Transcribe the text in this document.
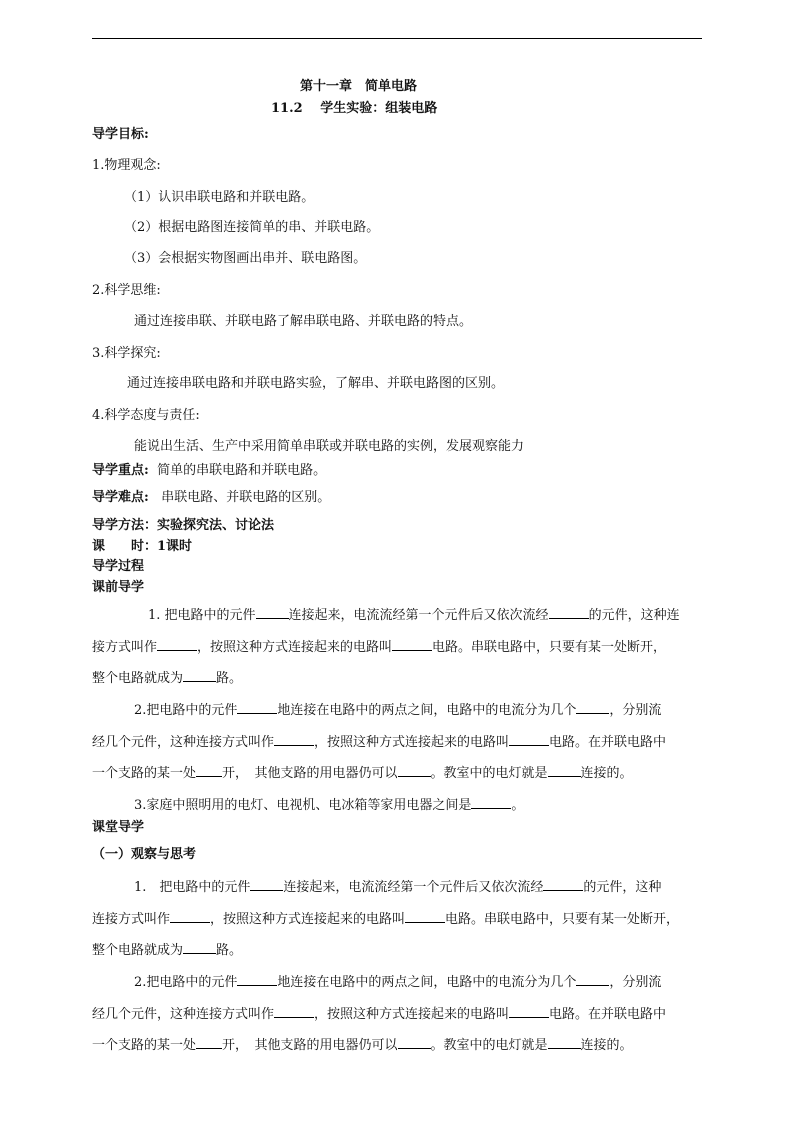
第十一章　简单电路
11.2　 学生实验：组装电路
导学目标:
1.物理观念:
（1）认识串联电路和并联电路。
（2）根据电路图连接简单的串、并联电路。
（3）会根据实物图画出串并、联电路图。
2.科学思维:
通过连接串联、并联电路了解串联电路、并联电路的特点。
3.科学探究:
通过连接串联电路和并联电路实验，了解串、并联电路图的区别。
4.科学态度与责任:
能说出生活、生产中采用简单串联或并联电路的实例，发展观察能力
导学重点: 简单的串联电路和并联电路。
导学难点: 串联电路、并联电路的区别。
导学方法：实验探究法、讨论法
课　　时：1课时
导学过程
课前导学
1. 把电路中的元件	连接起来，电流流经第一个元件后又依次流经	的元件，这种连
接方式叫作	，按照这种方式连接起来的电路叫	电路。串联电路中，只要有某一处断开，
整个电路就成为	路。
2.把电路中的元件	地连接在电路中的两点之间，电路中的电流分为几个	，分别流
经几个元件，这种连接方式叫作	，按照这种方式连接起来的电路叫	电路。在并联电路中
一个支路的某一处 开，　其他支路的用电器仍可以	。教室中的电灯就是	连接的。
3.家庭中照明用的电灯、电视机、电冰箱等家用电器之间是	。
课堂导学
（一）观察与思考
1.　把电路中的元件	连接起来，电流流经第一个元件后又依次流经	的元件，这种
连接方式叫作	，按照这种方式连接起来的电路叫	电路。串联电路中，只要有某一处断开，
整个电路就成为	路。
2.把电路中的元件	地连接在电路中的两点之间，电路中的电流分为几个	，分别流
经几个元件，这种连接方式叫作	，按照这种方式连接起来的电路叫	电路。在并联电路中
一个支路的某一处 开，　其他支路的用电器仍可以	。教室中的电灯就是	连接的。
